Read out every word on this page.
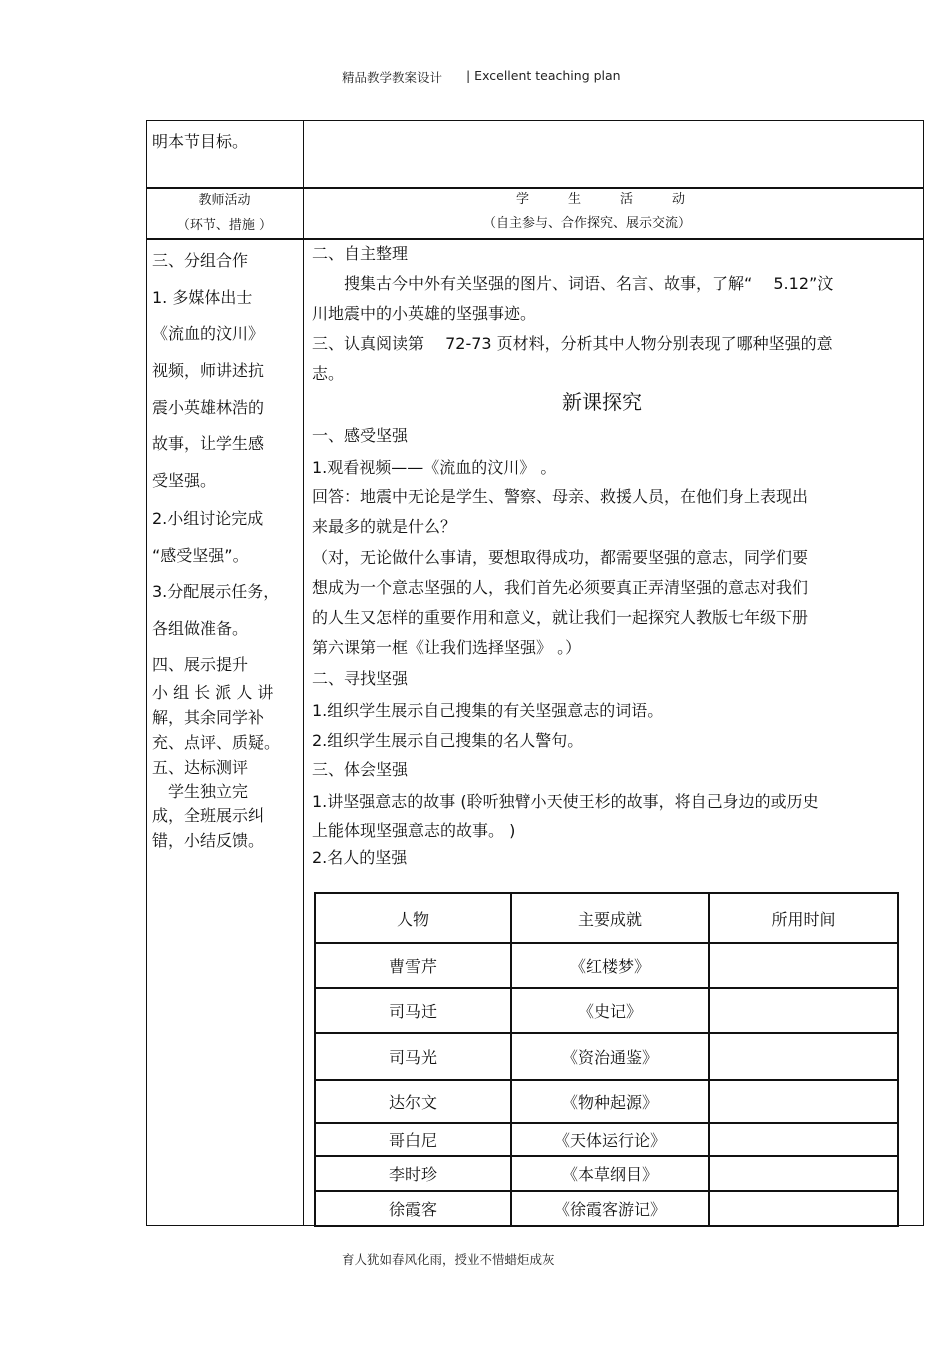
精品教学教案设计 | Excellent teaching plan
育人犹如春风化雨，授业不惜蜡炬成灰
明本节目标。
教师活动
（环节、措施 ）
学　　　生　　　活　　　动
（自主参与、合作探究、展示交流）
三、分组合作
1. 多媒体出士
《流血的汶川》
视频，师讲述抗
震小英雄林浩的
故事，让学生感
受坚强。
2.小组讨论完成
“感受坚强”。
3.分配展示任务，
各组做准备。
四、展示提升
小 组 长 派 人 讲
解，其余同学补
充、点评、质疑。
五、达标测评
　学生独立完
成，全班展示纠
错，小结反馈。
二、自主整理
　　搜集古今中外有关坚强的图片、词语、名言、故事，了解“　 5.12”汶
川地震中的小英雄的坚强事迹。
三、认真阅读第　 72-73 页材料，分析其中人物分别表现了哪种坚强的意
志。
新课探究
一、感受坚强
1.观看视频——《流血的汶川》 。
回答：地震中无论是学生、警察、母亲、救援人员，在他们身上表现出
来最多的就是什么？
（对，无论做什么事请，要想取得成功，都需要坚强的意志，同学们要
想成为一个意志坚强的人，我们首先必须要真正弄清坚强的意志对我们
的人生又怎样的重要作用和意义，就让我们一起探究人教版七年级下册
第六课第一框《让我们选择坚强》 。）
二、寻找坚强
1.组织学生展示自己搜集的有关坚强意志的词语。
2.组织学生展示自己搜集的名人警句。
三、体会坚强
1.讲坚强意志的故事 (聆听独臂小天使王杉的故事，将自己身边的或历史
上能体现坚强意志的故事。 )
2.名人的坚强
人物	主要成就	所用时间
曹雪芹	《红楼梦》	
司马迁	《史记》	
司马光	《资治通鉴》	
达尔文	《物种起源》	
哥白尼	《天体运行论》	
李时珍	《本草纲目》	
徐霞客	《徐霞客游记》	
